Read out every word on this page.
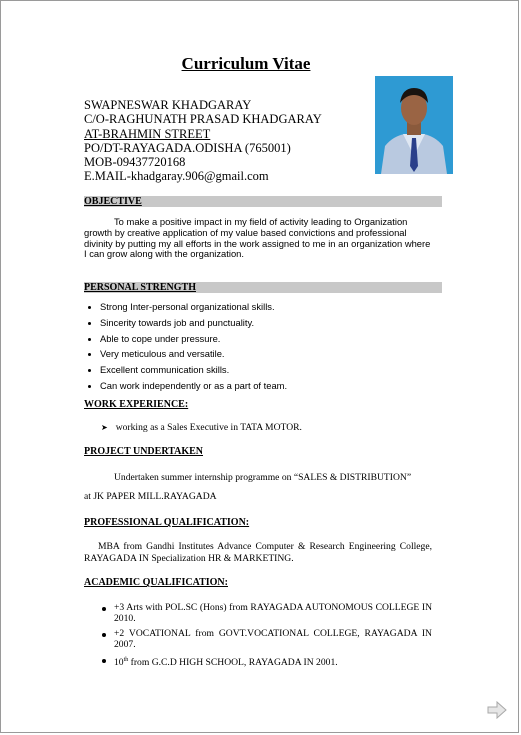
Curriculum Vitae
SWAPNESWAR KHADGARAY
C/O-RAGHUNATH PRASAD KHADGARAY
AT-BRAHMIN STREET
PO/DT-RAYAGADA.ODISHA (765001)
MOB-09437720168
E.MAIL-khadgaray.906@gmail.com
OBJECTIVE
To make a positive impact in my field of activity leading to Organization growth by creative application of my value based convictions and professional divinity by putting my all efforts in the work assigned to me in an organization where I can grow along with the organization.
PERSONAL STRENGTH
Strong Inter-personal organizational skills.
Sincerity towards job and punctuality.
Able to cope under pressure.
Very meticulous and versatile.
Excellent communication skills.
Can work independently or as a part of team.
WORK EXPERIENCE:
➤ working as a Sales Executive in TATA MOTOR.
PROJECT UNDERTAKEN
Undertaken summer internship programme on “SALES & DISTRIBUTION”
at JK PAPER MILL.RAYAGADA
PROFESSIONAL QUALIFICATION:
MBA from Gandhi Institutes Advance Computer & Research Engineering College, RAYAGADA IN Specialization HR & MARKETING.
ACADEMIC QUALIFICATION:
+3 Arts with POL.SC (Hons) from RAYAGADA AUTONOMOUS COLLEGE IN 2010.
+2 VOCATIONAL from GOVT.VOCATIONAL COLLEGE, RAYAGADA IN 2007.
10th from G.C.D HIGH SCHOOL, RAYAGADA IN 2001.
